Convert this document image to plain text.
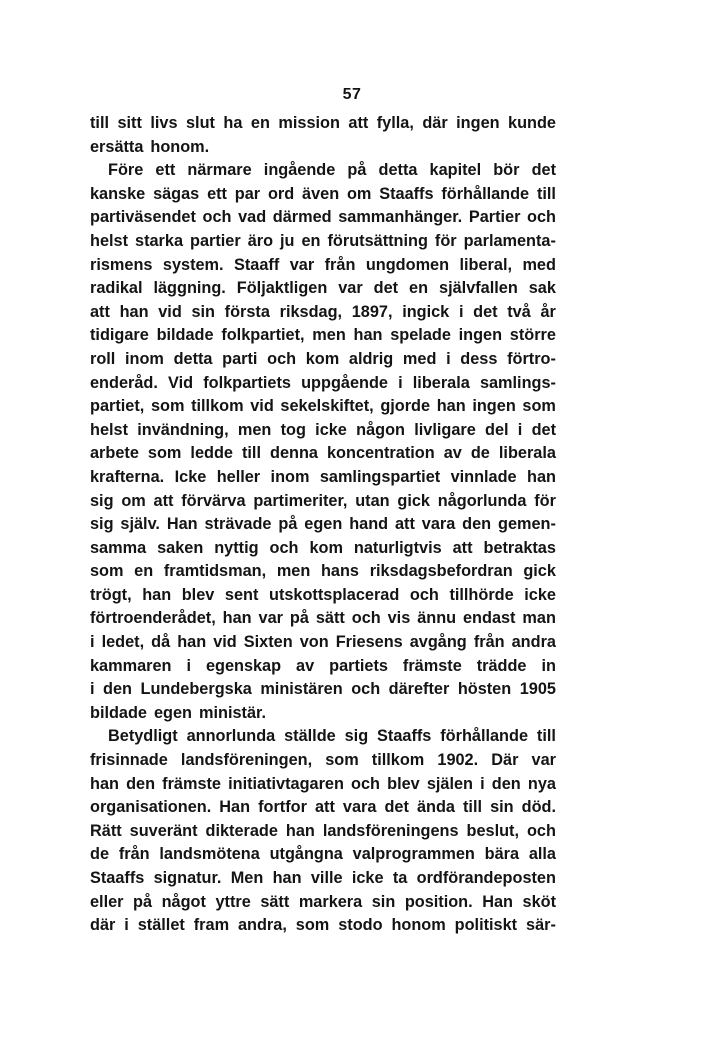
57
till sitt livs slut ha en mission att fylla, där ingen kunde
ersätta honom.
Före ett närmare ingående på detta kapitel bör det
kanske sägas ett par ord även om Staaffs förhållande till
partiväsendet och vad därmed sammanhänger. Partier och
helst starka partier äro ju en förutsättning för parlamenta-
rismens system. Staaff var från ungdomen liberal, med
radikal läggning. Följaktligen var det en självfallen sak
att han vid sin första riksdag, 1897, ingick i det två år
tidigare bildade folkpartiet, men han spelade ingen större
roll inom detta parti och kom aldrig med i dess förtro-
enderåd. Vid folkpartiets uppgående i liberala samlings-
partiet, som tillkom vid sekelskiftet, gjorde han ingen som
helst invändning, men tog icke någon livligare del i det
arbete som ledde till denna koncentration av de liberala
krafterna. Icke heller inom samlingspartiet vinnlade han
sig om att förvärva partimeriter, utan gick någorlunda för
sig själv. Han strävade på egen hand att vara den gemen-
samma saken nyttig och kom naturligtvis att betraktas
som en framtidsman, men hans riksdagsbefordran gick
trögt, han blev sent utskottsplacerad och tillhörde icke
förtroenderådet, han var på sätt och vis ännu endast man
i ledet, då han vid Sixten von Friesens avgång från andra
kammaren i egenskap av partiets främste trädde in
i den Lundebergska ministären och därefter hösten 1905
bildade egen ministär.
Betydligt annorlunda ställde sig Staaffs förhållande till
frisinnade landsföreningen, som tillkom 1902. Där var
han den främste initiativtagaren och blev själen i den nya
organisationen. Han fortfor att vara det ända till sin död.
Rätt suveränt dikterade han landsföreningens beslut, och
de från landsmötena utgångna valprogrammen bära alla
Staaffs signatur. Men han ville icke ta ordförandeposten
eller på något yttre sätt markera sin position. Han sköt
där i stället fram andra, som stodo honom politiskt sär-
